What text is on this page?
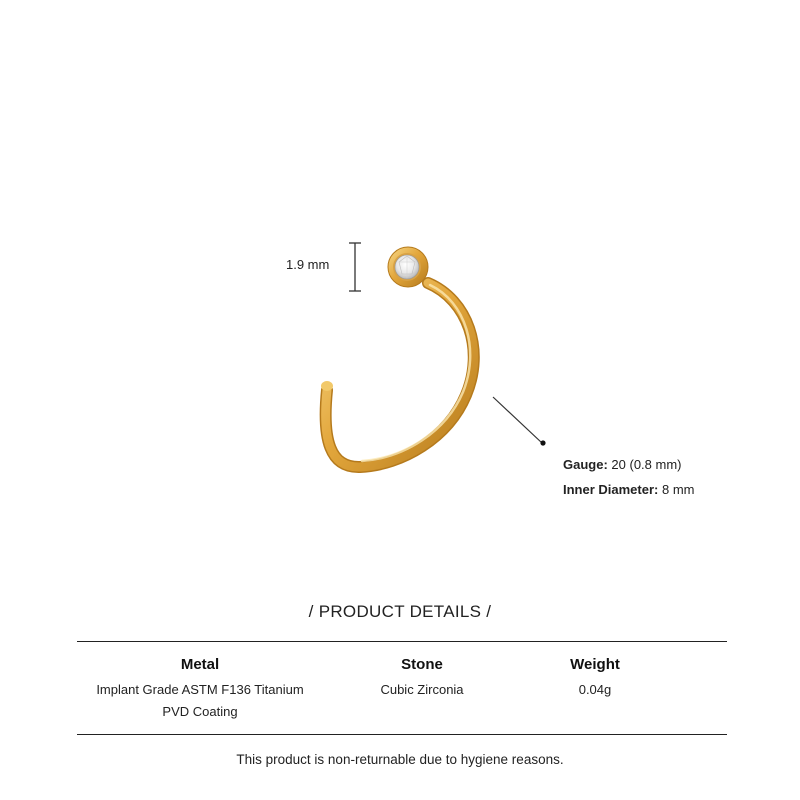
1.9 mm
Gauge: 20 (0.8 mm)
Inner Diameter: 8 mm
/ PRODUCT DETAILS /
Metal
Implant Grade ASTM F136 Titanium
PVD Coating
Stone
Cubic Zirconia
Weight
0.04g
This product is non-returnable due to hygiene reasons.
